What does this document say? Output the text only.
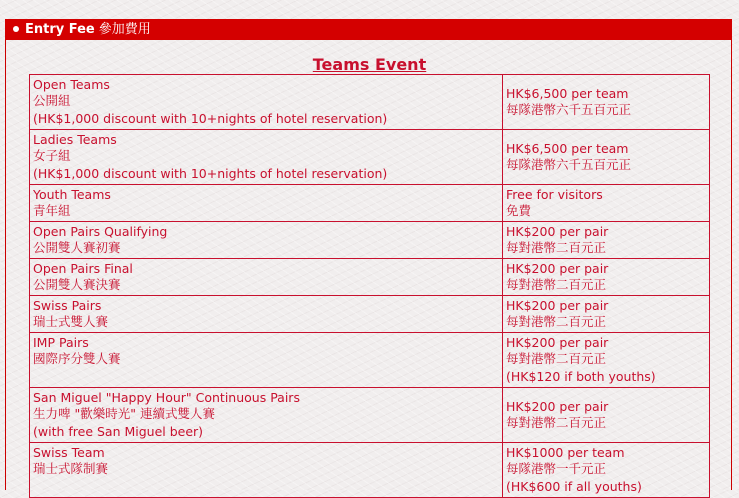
Entry Fee 參加費用
Teams Event
Open Teams
公開組
(HK$1,000 discount with 10+nights of hotel reservation)	HK$6,500 per team
每隊港幣六千五百元正

Ladies Teams
女子組
(HK$1,000 discount with 10+nights of hotel reservation)	HK$6,500 per team
每隊港幣六千五百元正

Youth Teams
青年組	Free for visitors
免費

Open Pairs Qualifying
公開雙人賽初賽	HK$200 per pair
每對港幣二百元正

Open Pairs Final
公開雙人賽決賽	HK$200 per pair
每對港幣二百元正

Swiss Pairs
瑞士式雙人賽	HK$200 per pair
每對港幣二百元正

IMP Pairs
國際序分雙人賽	HK$200 per pair
每對港幣二百元正
(HK$120 if both youths)

San Miguel "Happy Hour" Continuous Pairs
生力啤 "歡樂時光" 連續式雙人賽
(with free San Miguel beer)	HK$200 per pair
每對港幣二百元正

Swiss Team
瑞士式隊制賽	HK$1000 per team
每隊港幣一千元正
(HK$600 if all youths)
